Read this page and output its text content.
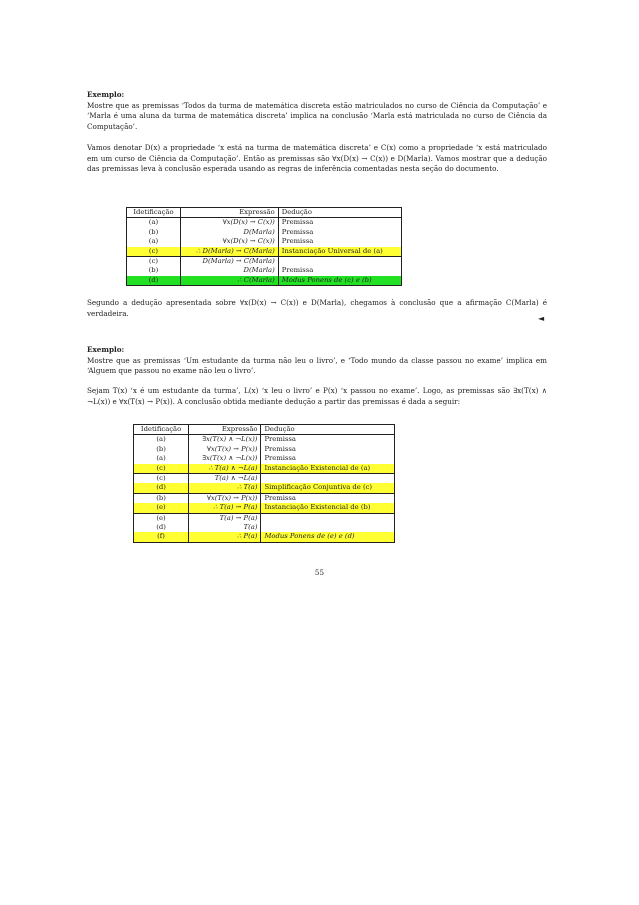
Exemplo:
Mostre que as premissas ‘Todos da turma de matemática discreta estão matriculados no curso de Ciência da Computação’ e ‘Marla é uma aluna da turma de matemática discreta’ implica na conclusão ‘Marla está matriculada no curso de Ciência da Computação’.
Vamos denotar D(x) a propriedade ‘x está na turma de matemática discreta’ e C(x) como a propriedade ‘x está matriculado em um curso de Ciência da Computação’. Então as premissas são ∀x(D(x) → C(x)) e D(Marla). Vamos mostrar que a dedução das premissas leva à conclusão esperada usando as regras de inferência comentadas nesta seção do documento.
Idetificação	Expressão	Dedução
(a)	∀x(D(x) → C(x))	Premissa
(b)	D(Marla)	Premissa
(a)	∀x(D(x) → C(x))	Premissa
(c)	∴ D(Marla) → C(Marla)	Instanciação Universal de (a)
(c)	D(Marla) → C(Marla)	
(b)	D(Marla)	Premissa
(d)	∴ C(Marla)	Modus Ponens de (c) e (b)
Segundo a dedução apresentada sobre ∀x(D(x) → C(x)) e D(Marla), chegamos à conclusão que a afirmação C(Marla) é verdadeira.
◄
Exemplo:
Mostre que as premissas ‘Um estudante da turma não leu o livro’, e ‘Todo mundo da classe passou no exame’ implica em ‘Alguem que passou no exame não leu o livro’.
Sejam T(x) ‘x é um estudante da turma’, L(x) ‘x leu o livro’ e P(x) ‘x passou no exame’. Logo, as premissas são ∃x(T(x) ∧ ¬L(x)) e ∀x(T(x) → P(x)). A conclusão obtida mediante dedução a partir das premissas é dada a seguir:
Idetificação	Expressão	Dedução
(a)	∃x(T(x) ∧ ¬L(x))	Premissa
(b)	∀x(T(x) → P(x))	Premissa
(a)	∃x(T(x) ∧ ¬L(x))	Premissa
(c)	∴ T(a) ∧ ¬L(a)	Instanciação Existencial de (a)
(c)	T(a) ∧ ¬L(a)	
(d)	∴ T(a)	Simplificação Conjuntiva de (c)
(b)	∀x(T(x) → P(x))	Premissa
(e)	∴ T(a) → P(a)	Instanciação Existencial de (b)
(e)	T(a) → P(a)	
(d)	T(a)	
(f)	∴ P(a)	Modus Ponens de (e) e (d)
55
